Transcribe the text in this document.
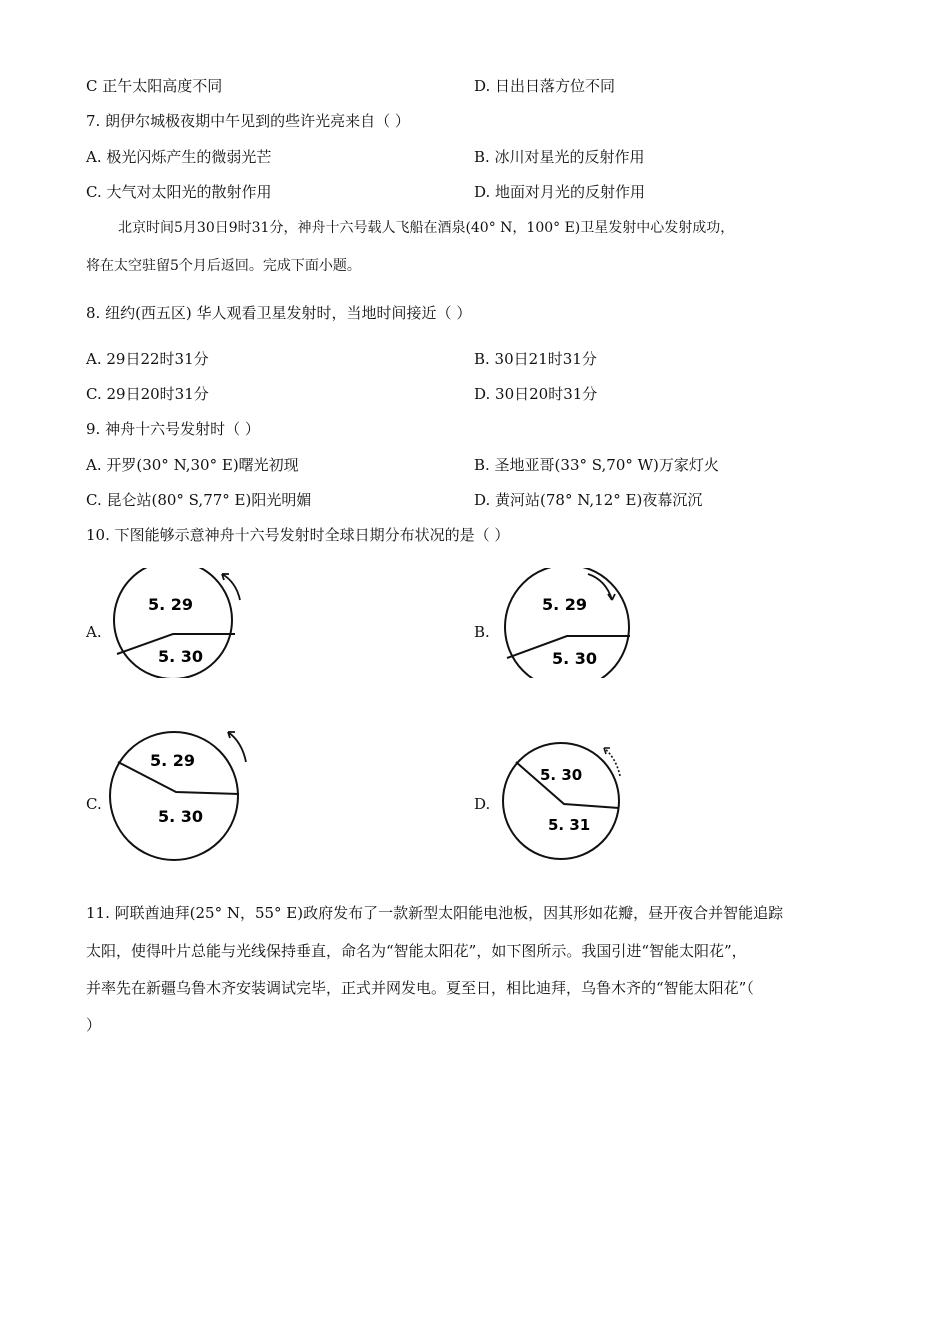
C 正午太阳高度不同	D. 日出日落方位不同
7. 朗伊尔城极夜期中午见到的些许光亮来自（ ）
A. 极光闪烁产生的微弱光芒	B. 冰川对星光的反射作用
C. 大气对太阳光的散射作用	D. 地面对月光的反射作用
北京时间5月30日9时31分，神舟十六号载人飞船在酒泉(40° N，100° E)卫星发射中心发射成功，
将在太空驻留5个月后返回。完成下面小题。
8. 纽约(西五区) 华人观看卫星发射时，当地时间接近（ ）
A. 29日22时31分	B. 30日21时31分
C. 29日20时31分	D. 30日20时31分
9. 神舟十六号发射时（ ）
A. 开罗(30° N,30° E)曙光初现	B. 圣地亚哥(33° S,70° W)万家灯火
C. 昆仑站(80° S,77° E)阳光明媚	D. 黄河站(78° N,12° E)夜幕沉沉
10. 下图能够示意神舟十六号发射时全球日期分布状况的是（ ）
A.
5. 29
5. 30
B.
5. 29
5. 30
C.
5. 29
5. 30
D.
5. 30
5. 31
11. 阿联酋迪拜(25° N，55° E)政府发布了一款新型太阳能电池板，因其形如花瓣，昼开夜合并智能追踪
太阳，使得叶片总能与光线保持垂直，命名为“智能太阳花”，如下图所示。我国引进“智能太阳花”，
并率先在新疆乌鲁木齐安装调试完毕，正式并网发电。夏至日，相比迪拜，乌鲁木齐的“智能太阳花”（
）
